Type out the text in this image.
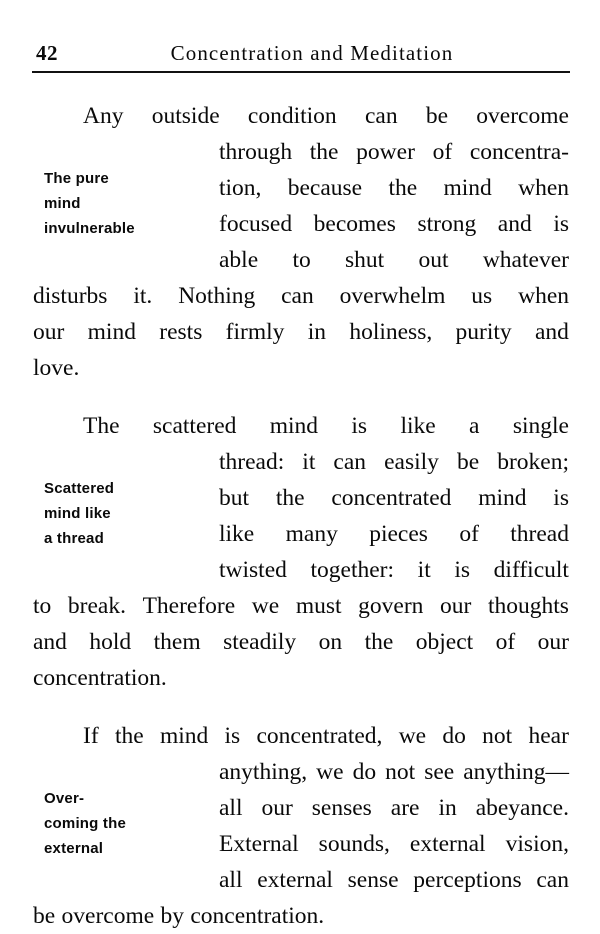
42	Concentration and Meditation
The pure
mind
invulnerable
Any outside condition can be overcome
through the power of concentra-
tion, because the mind when
focused becomes strong and is
able to shut out whatever
disturbs it. Nothing can overwhelm us when
our mind rests firmly in holiness, purity and
love.
Scattered
mind like
a thread
The scattered mind is like a single
thread: it can easily be broken;
but the concentrated mind is
like many pieces of thread
twisted together: it is difficult
to break. Therefore we must govern our thoughts
and hold them steadily on the object of our
concentration.
Over-
coming the
external
If the mind is concentrated, we do not hear
anything, we do not see anything—
all our senses are in abeyance.
External sounds, external vision,
all external sense perceptions can
be overcome by concentration.
